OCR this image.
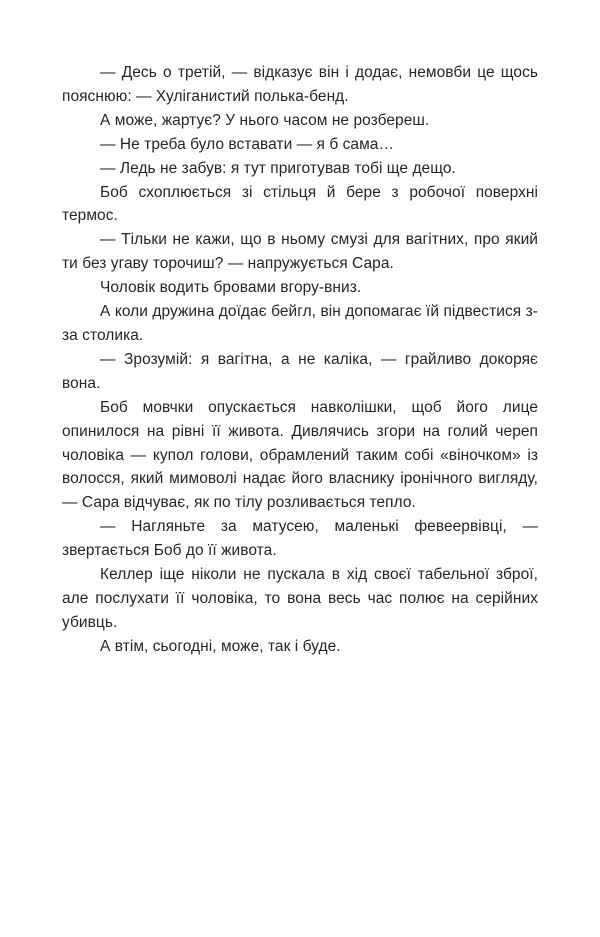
— Десь о третій, — відказує він і додає, немовби це щось пояснюю: — Хуліганистий полька-бенд.

А може, жартує? У нього часом не розбереш.

— Не треба було вставати — я б сама…

— Ледь не забув: я тут приготував тобі ще дещо.

Боб схоплюється зі стільця й бере з робочої поверхні термос.

— Тільки не кажи, що в ньому смузі для вагітних, про який ти без угаву торочиш? — напружується Сара.

Чоловік водить бровами вгору-вниз.

А коли дружина доїдає бейгл, він допомагає їй підвестися з-за столика.

— Зрозумій: я вагітна, а не каліка, — грайливо докоряє вона.

Боб мовчки опускається навколішки, щоб його лице опинилося на рівні її живота. Дивлячись згори на голий череп чоловіка — купол голови, обрамлений таким собі «віночком» із волосся, який мимоволі надає його власнику іронічного вигляду, — Сара відчуває, як по тілу розливається тепло.

— Нагляньте за матусею, маленькі февеервівці, — звертається Боб до її живота.

Келлер іще ніколи не пускала в хід своєї табельної зброї, але послухати її чоловіка, то вона весь час полює на серійних убивць.

А втім, сьогодні, може, так і буде.
